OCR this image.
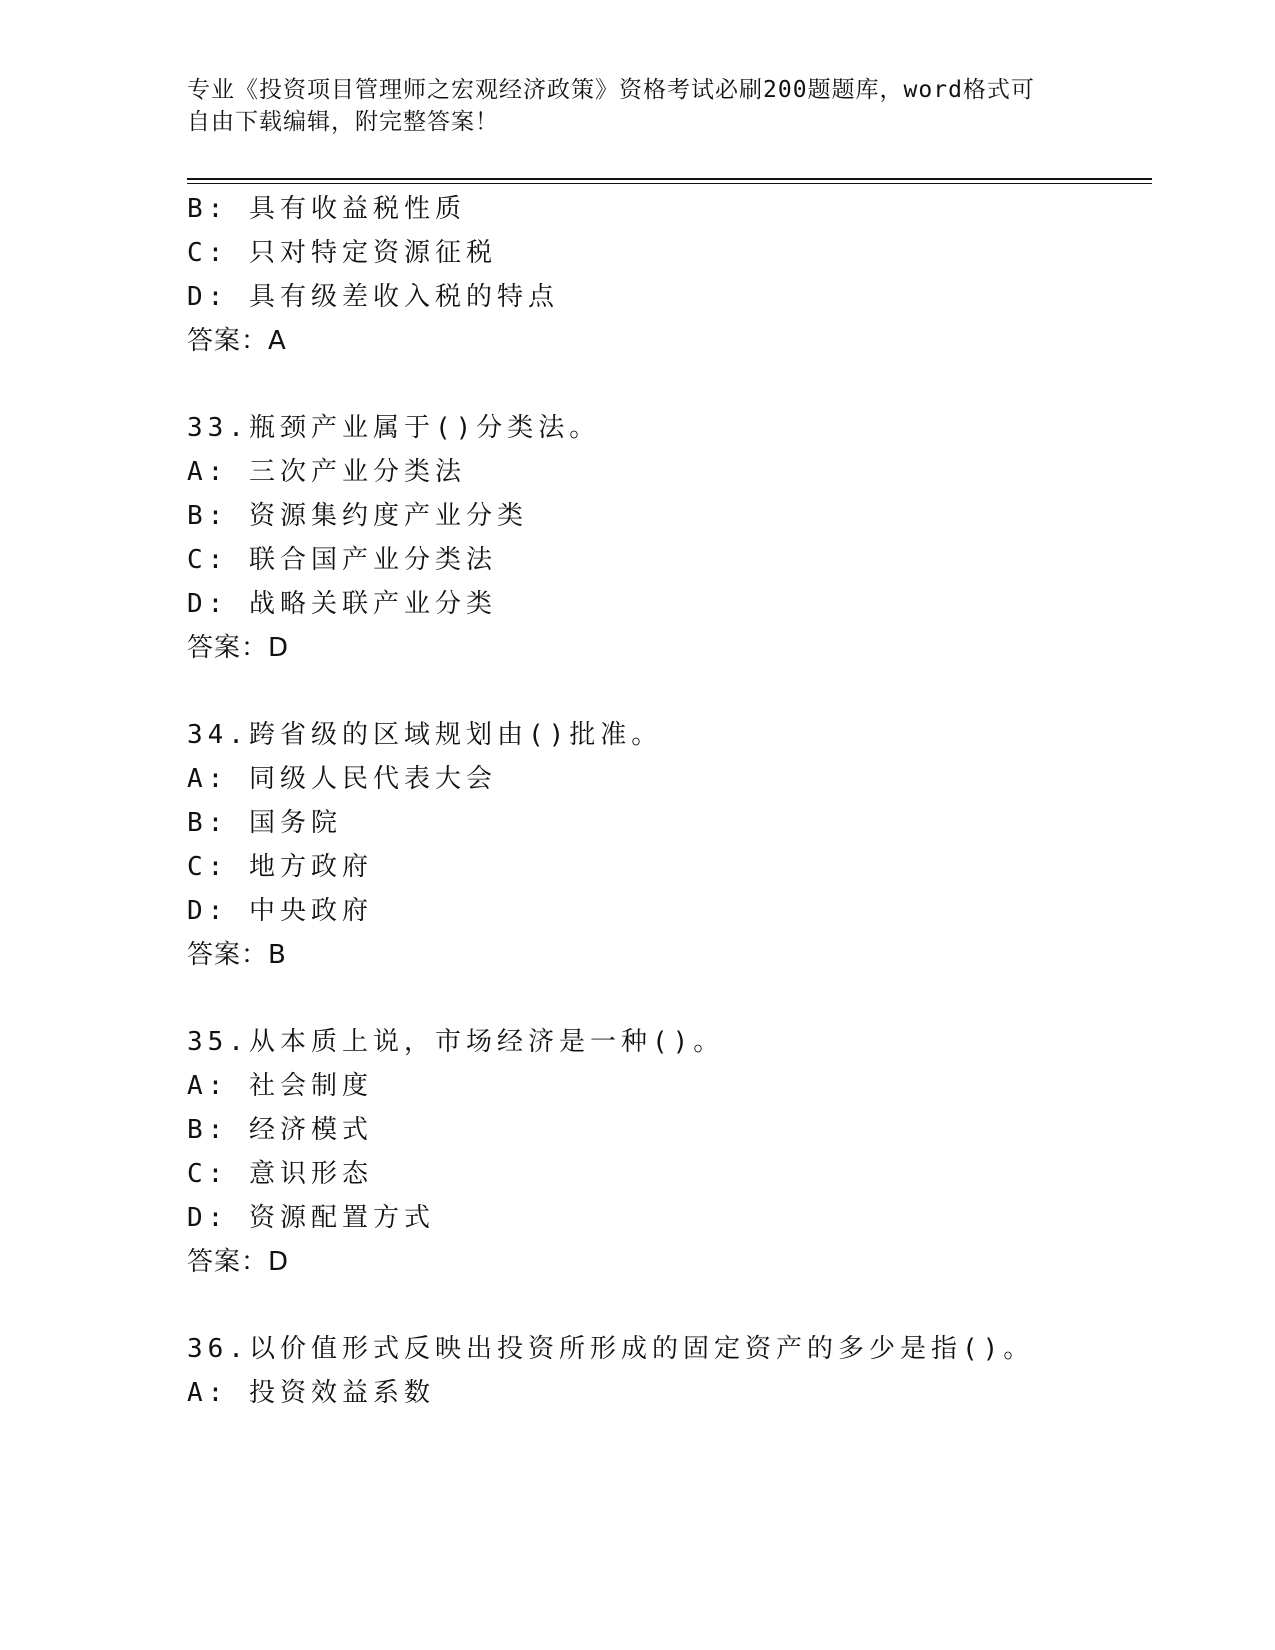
专业《投资项目管理师之宏观经济政策》资格考试必刷200题题库，word格式可
自由下载编辑，附完整答案！
B: 具有收益税性质
C: 只对特定资源征税
D: 具有级差收入税的特点
答案：A
33.瓶颈产业属于()分类法。
A: 三次产业分类法
B: 资源集约度产业分类
C: 联合国产业分类法
D: 战略关联产业分类
答案：D
34.跨省级的区域规划由()批准。
A: 同级人民代表大会
B: 国务院
C: 地方政府
D: 中央政府
答案：B
35.从本质上说，市场经济是一种()。
A: 社会制度
B: 经济模式
C: 意识形态
D: 资源配置方式
答案：D
36.以价值形式反映出投资所形成的固定资产的多少是指()。
A: 投资效益系数
